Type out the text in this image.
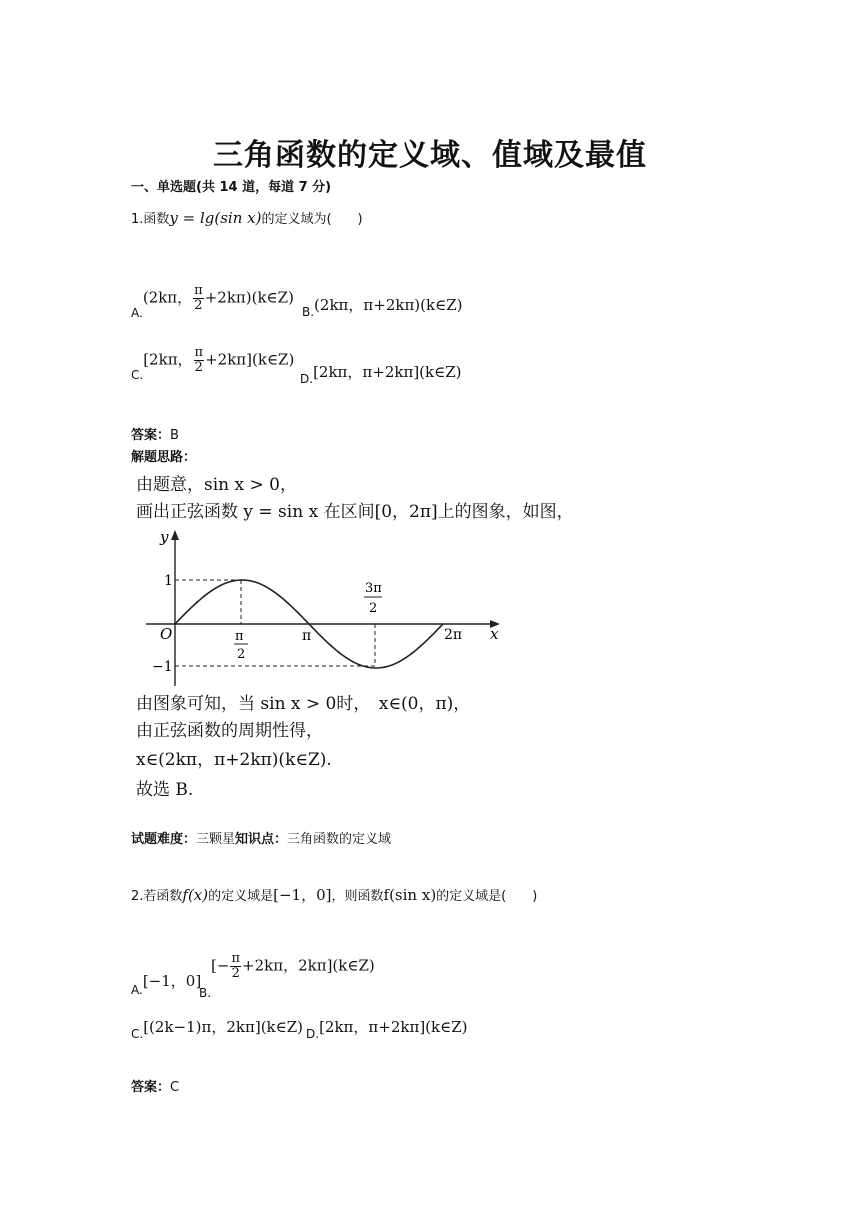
三角函数的定义域、值域及最值
一、单选题(共 14 道，每道 7 分)
1.函数y = lg(sin x)的定义域为(　　)
$_{A.}$(2kπ， $\frac{\pi}{2}$ +2kπ)(k∈Z)
$_{B.}$(2kπ，π+2kπ)(k∈Z)
$_{C.}$[2kπ， $\frac{\pi}{2}$ +2kπ](k∈Z)
$_{D.}$[2kπ，π+2kπ](k∈Z)
答案：B
解题思路：
由题意，sin x > 0，
画出正弦函数 y = sin x 在区间[0，2π]上的图象，如图，
y
x
O
1
−1
π	2π
π
2
3π
2
由图象可知，当 sin x > 0时，　x∈(0，π)，
由正弦函数的周期性得，
x∈(2kπ，π+2kπ)(k∈Z).
故选 B.
试题难度：三颗星知识点：三角函数的定义域
2.若函数f(x)的定义域是[−1，0]，则函数f(sin x)的定义域是(　　)
$_{A.}$[−1，0]
$_{B.}[- \frac{\pi}{2} +2k\pi$，2kπ](k∈Z)
$_{C.}$[(2k−1)π，2kπ](k∈Z) $_{D.}$[2kπ，π+2kπ](k∈Z)
答案：C
